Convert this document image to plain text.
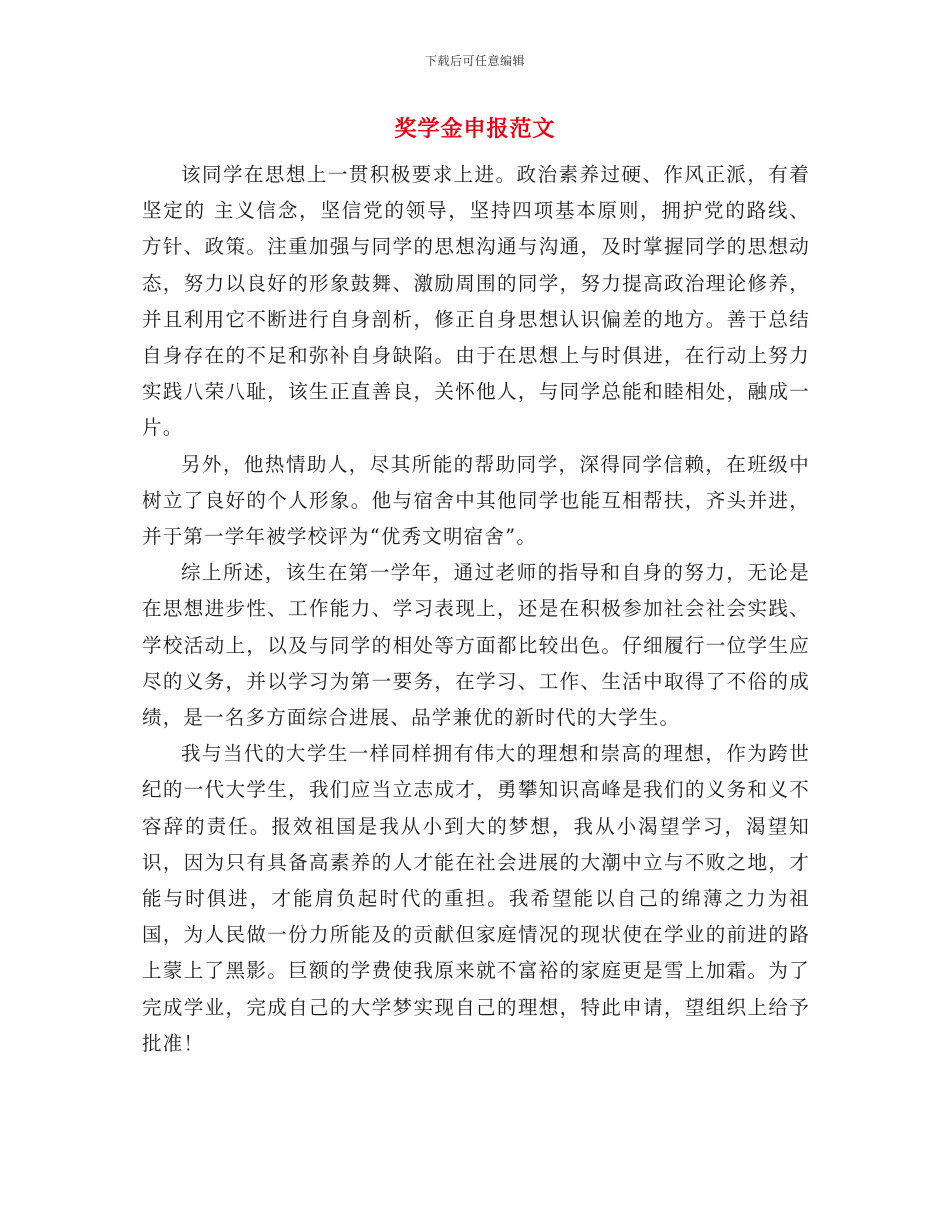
下载后可任意编辑
奖学金申报范文

该同学在思想上一贯积极要求上进。政治素养过硬、作风正派，有着坚定的 主义信念，坚信党的领导，坚持四项基本原则，拥护党的路线、方针、政策。注重加强与同学的思想沟通与沟通，及时掌握同学的思想动态，努力以良好的形象鼓舞、激励周围的同学，努力提高政治理论修养，并且利用它不断进行自身剖析，修正自身思想认识偏差的地方。善于总结自身存在的不足和弥补自身缺陷。由于在思想上与时俱进，在行动上努力实践八荣八耻，该生正直善良，关怀他人，与同学总能和睦相处，融成一片。

另外，他热情助人，尽其所能的帮助同学，深得同学信赖，在班级中树立了良好的个人形象。他与宿舍中其他同学也能互相帮扶，齐头并进，并于第一学年被学校评为“优秀文明宿舍”。

综上所述，该生在第一学年，通过老师的指导和自身的努力，无论是在思想进步性、工作能力、学习表现上，还是在积极参加社会社会实践、学校活动上，以及与同学的相处等方面都比较出色。仔细履行一位学生应尽的义务，并以学习为第一要务，在学习、工作、生活中取得了不俗的成绩，是一名多方面综合进展、品学兼优的新时代的大学生。

我与当代的大学生一样同样拥有伟大的理想和崇高的理想，作为跨世纪的一代大学生，我们应当立志成才，勇攀知识高峰是我们的义务和义不容辞的责任。报效祖国是我从小到大的梦想，我从小渴望学习，渴望知识，因为只有具备高素养的人才能在社会进展的大潮中立与不败之地，才能与时俱进，才能肩负起时代的重担。我希望能以自己的绵薄之力为祖国，为人民做一份力所能及的贡献但家庭情况的现状使在学业的前进的路上蒙上了黑影。巨额的学费使我原来就不富裕的家庭更是雪上加霜。为了完成学业，完成自己的大学梦实现自己的理想，特此申请，望组织上给予批准！
